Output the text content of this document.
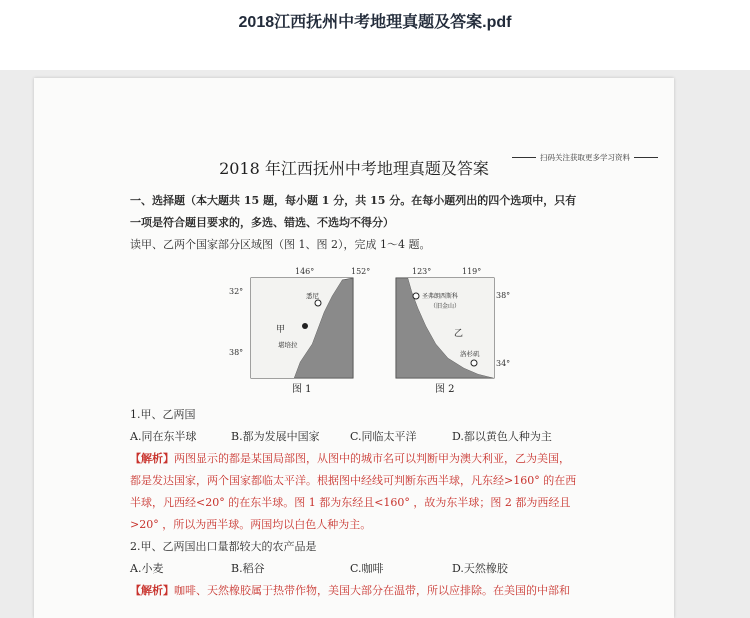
2018江西抚州中考地理真题及答案.pdf
扫码关注获取更多学习资料
2018 年江西抚州中考地理真题及答案
一、选择题（本大题共 15 题，每小题 1 分，共 15 分。在每小题列出的四个选项中，只有
一项是符合题目要求的，多选、错选、不选均不得分）
读甲、乙两个国家部分区域图（图 1、图 2），完成 1～4 题。
146°	152°
32°
38°
甲
悉尼
堪培拉
图 1
123°	119°
38°
34°
乙
圣弗朗西斯科
（旧金山）
洛杉矶
图 2
1.甲、乙两国
A.同在东半球	B.都为发展中国家	C.同临太平洋	D.都以黄色人种为主
【解析】两图显示的都是某国局部图，从图中的城市名可以判断甲为澳大利亚，乙为美国，
都是发达国家，两个国家都临太平洋。根据图中经线可判断东西半球，凡东经>160° 的在西
半球，凡西经<20° 的在东半球。图 1 都为东经且<160° ，故为东半球；图 2 都为西经且
>20° ，所以为西半球。两国均以白色人种为主。
2.甲、乙两国出口量都较大的农产品是
A.小麦	B.稻谷	C.咖啡	D.天然橡胶
【解析】咖啡、天然橡胶属于热带作物，美国大部分在温带，所以应排除。在美国的中部和
